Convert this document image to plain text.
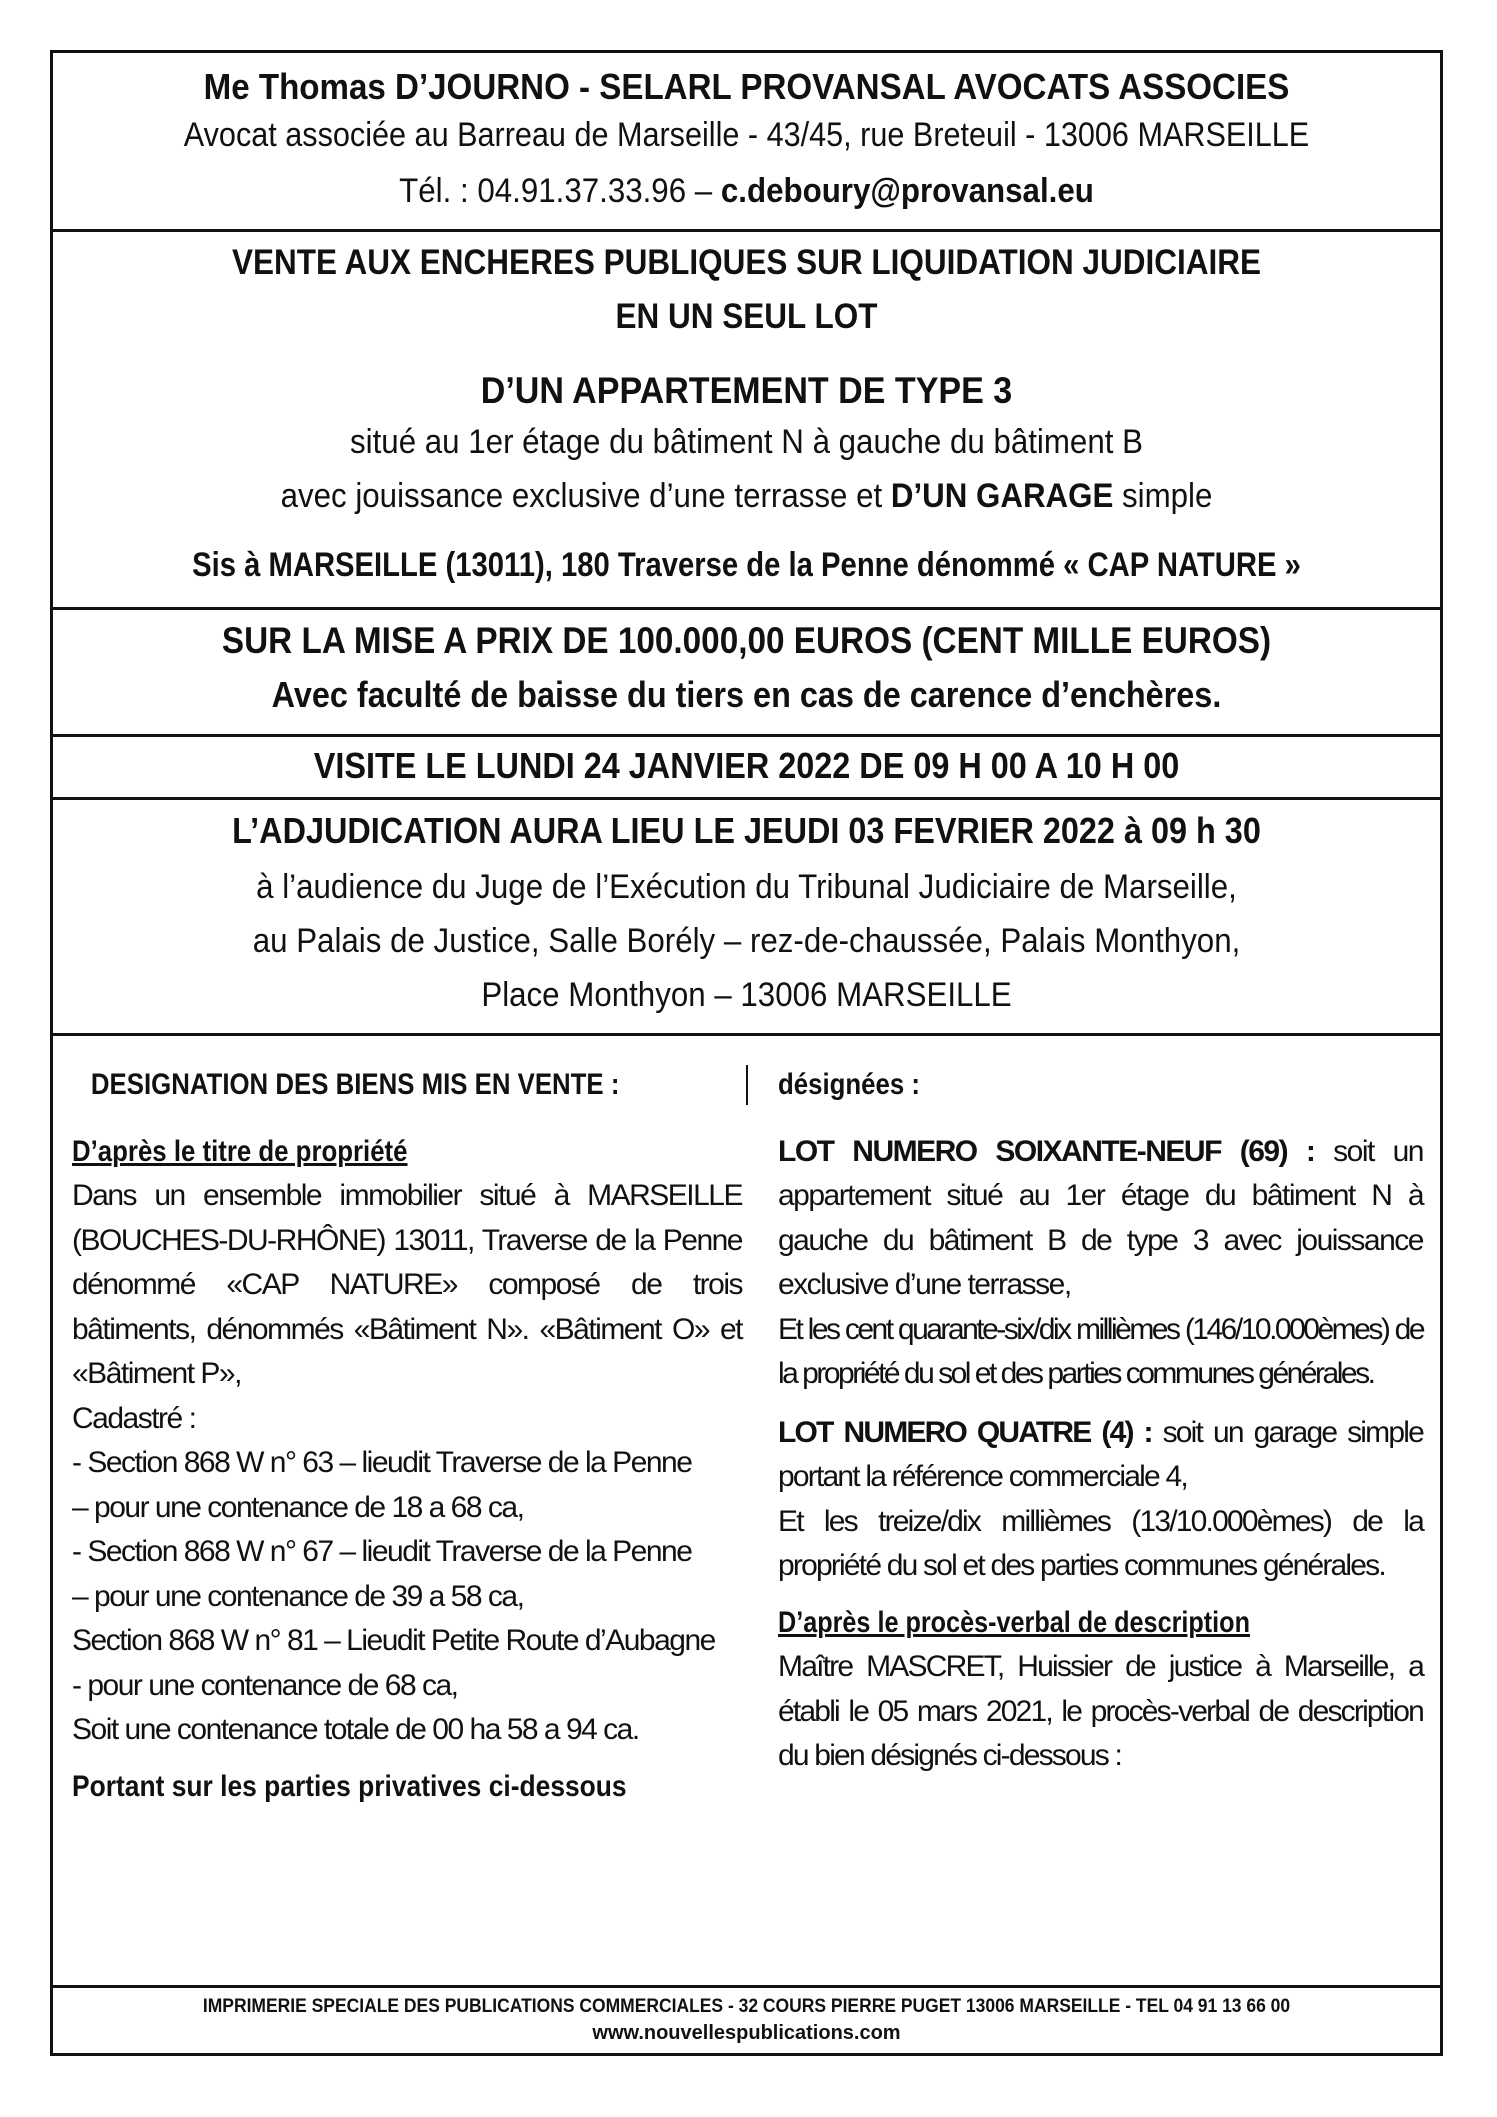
Me Thomas D’JOURNO - SELARL PROVANSAL AVOCATS ASSOCIES
Avocat associée au Barreau de Marseille - 43/45, rue Breteuil - 13006 MARSEILLE
Tél. : 04.91.37.33.96 – c.deboury@provansal.eu
VENTE AUX ENCHERES PUBLIQUES SUR LIQUIDATION JUDICIAIRE
EN UN SEUL LOT
D’UN APPARTEMENT DE TYPE 3
situé au 1er étage du bâtiment N à gauche du bâtiment B
avec jouissance exclusive d’une terrasse et D’UN GARAGE simple
Sis à MARSEILLE (13011), 180 Traverse de la Penne dénommé « CAP NATURE »
SUR LA MISE A PRIX DE 100.000,00 EUROS (CENT MILLE EUROS)
Avec faculté de baisse du tiers en cas de carence d’enchères.
VISITE LE LUNDI 24 JANVIER 2022 DE 09 H 00 A 10 H 00
L’ADJUDICATION AURA LIEU LE JEUDI 03 FEVRIER 2022 à 09 h 30
à l’audience du Juge de l’Exécution du Tribunal Judiciaire de Marseille,
au Palais de Justice, Salle Borély – rez-de-chaussée, Palais Monthyon,
Place Monthyon – 13006 MARSEILLE

DESIGNATION DES BIENS MIS EN VENTE :

D’après le titre de propriété

Dans un ensemble immobilier situé à MARSEILLE (BOUCHES-DU-RHÔNE) 13011, Traverse de la Penne dénommé «CAP NATURE» composé de trois bâtiments, dénommés «Bâtiment N». «Bâtiment O» et «Bâtiment P»,

Cadastré :

- Section 868 W n° 63 – lieudit Traverse de la Penne

– pour une contenance de 18 a 68 ca,

- Section 868 W n° 67 – lieudit Traverse de la Penne

– pour une contenance de 39 a 58 ca,

Section 868 W n° 81 – Lieudit Petite Route d’Aubagne

- pour une contenance de 68 ca,

Soit une contenance totale de 00 ha 58 a 94 ca.

Portant sur les parties privatives ci-dessous

désignées :

LOT NUMERO SOIXANTE-NEUF (69) : soit un appartement situé au 1er étage du bâtiment N à gauche du bâtiment B de type 3 avec jouissance exclusive d’une terrasse,

Et les cent quarante-six/dix millièmes (146/10.000èmes) de la propriété du sol et des parties communes générales.

LOT NUMERO QUATRE (4) : soit un garage simple portant la référence commerciale 4,

Et les treize/dix millièmes (13/10.000èmes) de la propriété du sol et des parties communes générales.

D’après le procès-verbal de description

Maître MASCRET, Huissier de justice à Marseille, a établi le 05 mars 2021, le procès-verbal de description du bien désignés ci-dessous :

IMPRIMERIE SPECIALE DES PUBLICATIONS COMMERCIALES - 32 COURS PIERRE PUGET 13006 MARSEILLE - TEL 04 91 13 66 00
www.nouvellespublications.com
